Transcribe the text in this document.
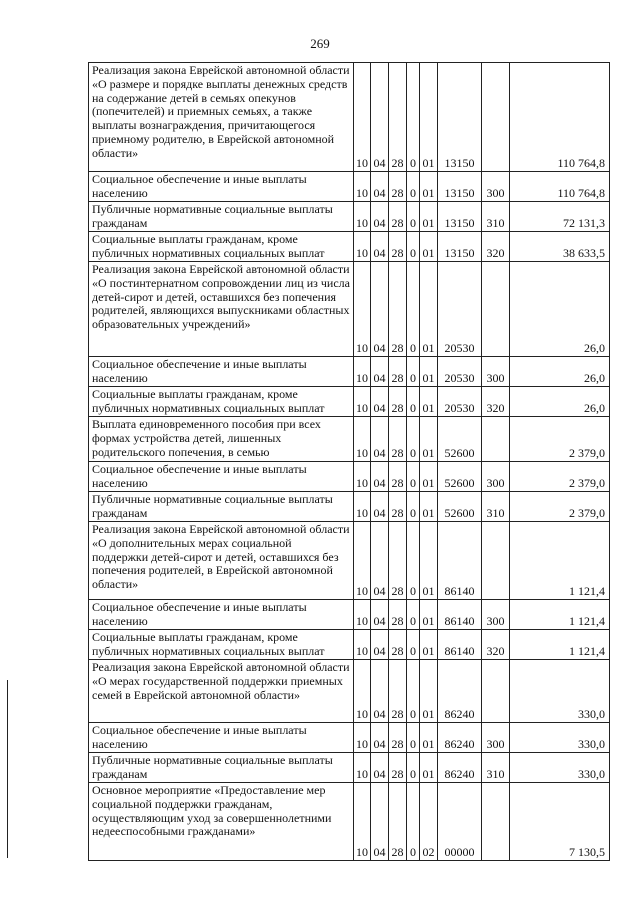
269
Реализация закона Еврейской автономной области «О размере и порядке выплаты денежных средств на содержание детей в семьях опекунов (попечителей) и приемных семьях, а также выплаты вознаграждения, причитающегося приемному родителю, в Еврейской автономной области»	10	04	28	0	01	13150		110 764,8
Социальное обеспечение и иные выплаты населению	10	04	28	0	01	13150	300	110 764,8
Публичные нормативные социальные выплаты гражданам	10	04	28	0	01	13150	310	72 131,3
Социальные выплаты гражданам, кроме публичных нормативных социальных выплат	10	04	28	0	01	13150	320	38 633,5
Реализация закона Еврейской автономной области «О постинтернатном сопровождении лиц из числа детей-сирот и детей, оставшихся без попечения родителей, являющихся выпускниками областных образовательных учреждений»	10	04	28	0	01	20530		26,0
Социальное обеспечение и иные выплаты населению	10	04	28	0	01	20530	300	26,0
Социальные выплаты гражданам, кроме публичных нормативных социальных выплат	10	04	28	0	01	20530	320	26,0
Выплата единовременного пособия при всех формах устройства детей, лишенных родительского попечения, в семью	10	04	28	0	01	52600		2 379,0
Социальное обеспечение и иные выплаты населению	10	04	28	0	01	52600	300	2 379,0
Публичные нормативные социальные выплаты гражданам	10	04	28	0	01	52600	310	2 379,0
Реализация закона Еврейской автономной области «О дополнительных мерах социальной поддержки детей-сирот и детей, оставшихся без попечения родителей, в Еврейской автономной области»	10	04	28	0	01	86140		1 121,4
Социальное обеспечение и иные выплаты населению	10	04	28	0	01	86140	300	1 121,4
Социальные выплаты гражданам, кроме публичных нормативных социальных выплат	10	04	28	0	01	86140	320	1 121,4
Реализация закона Еврейской автономной области «О мерах государственной поддержки приемных семей в Еврейской автономной области»	10	04	28	0	01	86240		330,0
Социальное обеспечение и иные выплаты населению	10	04	28	0	01	86240	300	330,0
Публичные нормативные социальные выплаты гражданам	10	04	28	0	01	86240	310	330,0
Основное мероприятие «Предоставление мер социальной поддержки гражданам, осуществляющим уход за совершеннолетними недееспособными гражданами»	10	04	28	0	02	00000		7 130,5
